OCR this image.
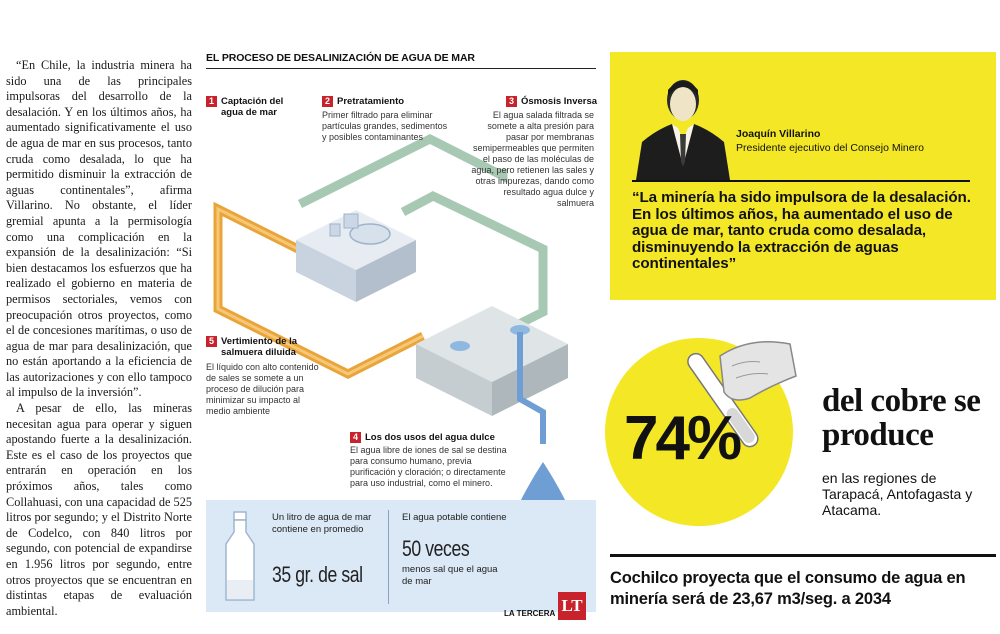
“En Chile, la industria minera ha sido una de las principales impulsoras del desarrollo de la desalación. Y en los últimos años, ha aumentado significativamente el uso de agua de mar en sus procesos, tanto cruda como desalada, lo que ha permitido disminuir la extracción de aguas continentales”, afirma Villarino. No obstante, el líder gremial apunta a la permisología como una complicación en la expansión de la desalinización: “Si bien destacamos los esfuerzos que ha realizado el gobierno en materia de permisos sectoriales, vemos con preocupación otros proyectos, como el de concesiones marítimas, o uso de agua de mar para desalinización, que no están aportando a la eficiencia de las autorizaciones y con ello tampoco al impulso de la inversión”.

A pesar de ello, las mineras necesitan agua para operar y siguen apostando fuerte a la desalinización. Este es el caso de los proyectos que entrarán en operación en los próximos años, tales como Collahuasi, con una capacidad de 525 litros por segundo; y el Distrito Norte de Codelco, con 840 litros por segundo, con potencial de expandirse en 1.956 litros por segundo, entre otros proyectos que se encuentran en distintas etapas de evaluación ambiental.

EL PROCESO DE DESALINIZACIÓN DE AGUA DE MAR
1 Captación del agua de mar
2 Pretratamiento
Primer filtrado para eliminar partículas grandes, sedimentos y posibles contaminantes
3 Ósmosis Inversa
El agua salada filtrada se somete a alta presión para pasar por membranas semipermeables que permiten el paso de las moléculas de agua, pero retienen las sales y otras impurezas, dando como resultado agua dulce y salmuera
5 Vertimiento de la salmuera diluida
El líquido con alto contenido de sales se somete a un proceso de dilución para minimizar su impacto al medio ambiente
4 Los dos usos del agua dulce
El agua libre de iones de sal se destina para consumo humano, previa purificación y cloración; o directamente para uso industrial, como el minero.
Un litro de agua de mar contiene en promedio
35 gr. de sal
El agua potable contiene
50 veces
menos sal que el agua de mar
LA TERCERA LT
Joaquín Villarino
Presidente ejecutivo del Consejo Minero
“La minería ha sido impulsora de la desalación. En los últimos años, ha aumentado el uso de agua de mar, tanto cruda como desalada, disminuyendo la extracción de aguas continentales”
74%
del cobre se produce
en las regiones de Tarapacá, Antofagasta y Atacama.
Cochilco proyecta que el consumo de agua en minería será de 23,67 m3/seg. a 2034
